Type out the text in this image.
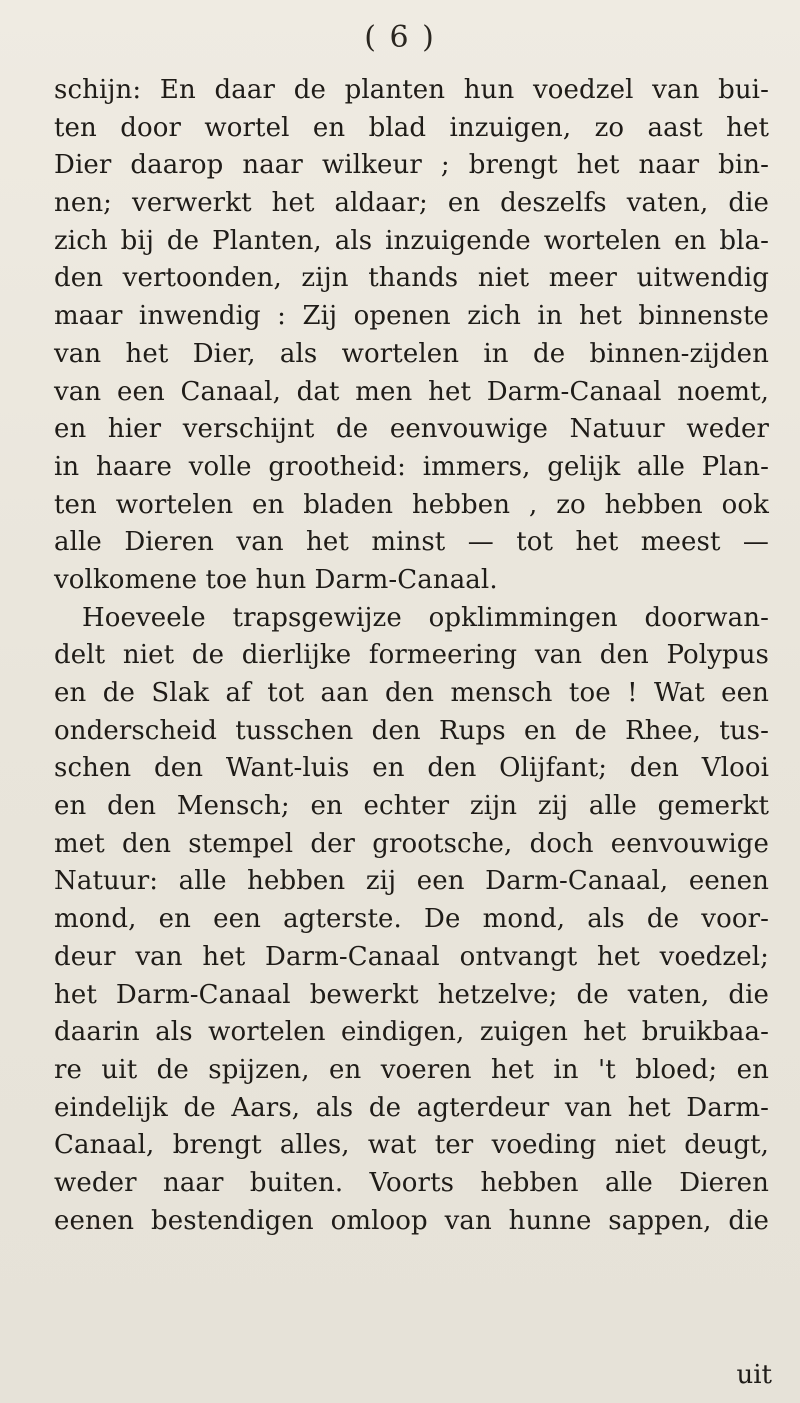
( 6 )
schijn: En daar de planten hun voedzel van bui-
ten door wortel en blad inzuigen, zo aast het
Dier daarop naar wilkeur ; brengt het naar bin-
nen; verwerkt het aldaar; en deszelfs vaten, die
zich bij de Planten, als inzuigende wortelen en bla-
den vertoonden, zijn thands niet meer uitwendig
maar inwendig : Zij openen zich in het binnenste
van het Dier, als wortelen in de binnen-zijden
van een Canaal, dat men het Darm-Canaal noemt,
en hier verschijnt de eenvouwige Natuur weder
in haare volle grootheid: immers, gelijk alle Plan-
ten wortelen en bladen hebben , zo hebben ook
alle Dieren van het minst — tot het meest —
volkomene toe hun Darm-Canaal.
Hoeveele trapsgewijze opklimmingen doorwan-
delt niet de dierlijke formeering van den Polypus
en de Slak af tot aan den mensch toe ! Wat een
onderscheid tusschen den Rups en de Rhee, tus-
schen den Want-luis en den Olijfant; den Vlooi
en den Mensch; en echter zijn zij alle gemerkt
met den stempel der grootsche, doch eenvouwige
Natuur: alle hebben zij een Darm-Canaal, eenen
mond, en een agterste. De mond, als de voor-
deur van het Darm-Canaal ontvangt het voedzel;
het Darm-Canaal bewerkt hetzelve; de vaten, die
daarin als wortelen eindigen, zuigen het bruikbaa-
re uit de spijzen, en voeren het in 't bloed; en
eindelijk de Aars, als de agterdeur van het Darm-
Canaal, brengt alles, wat ter voeding niet deugt,
weder naar buiten. Voorts hebben alle Dieren
eenen bestendigen omloop van hunne sappen, die
uit
